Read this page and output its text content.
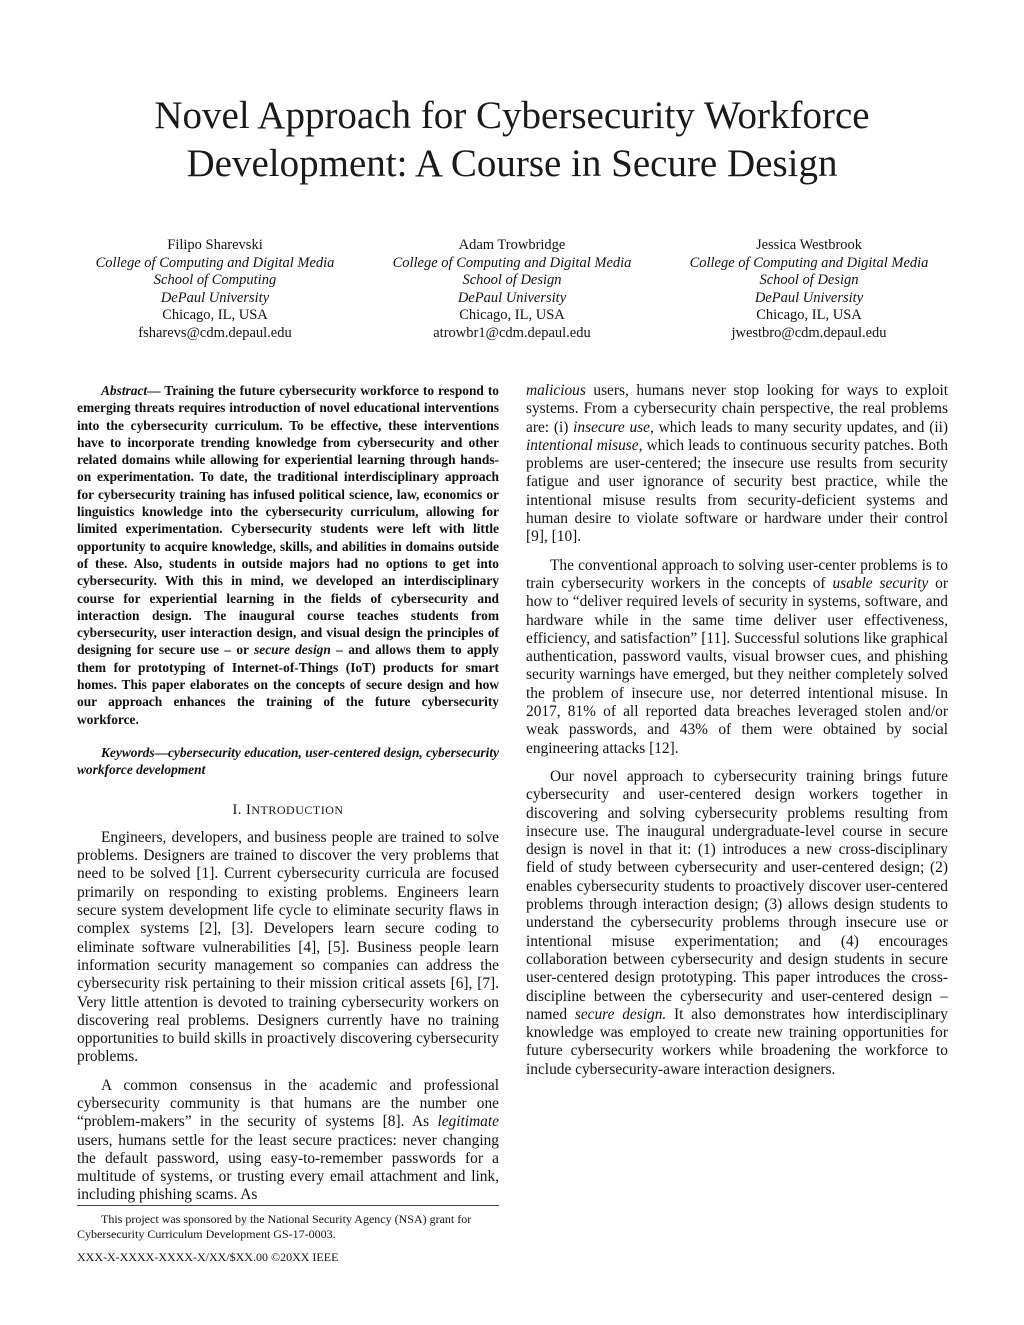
Novel Approach for Cybersecurity Workforce
Development: A Course in Secure Design
Filipo Sharevski
College of Computing and Digital Media
School of Computing
DePaul University
Chicago, IL, USA
fsharevs@cdm.depaul.edu
Adam Trowbridge
College of Computing and Digital Media
School of Design
DePaul University
Chicago, IL, USA
atrowbr1@cdm.depaul.edu
Jessica Westbrook
College of Computing and Digital Media
School of Design
DePaul University
Chicago, IL, USA
jwestbro@cdm.depaul.edu

Abstract— Training the future cybersecurity workforce to respond to emerging threats requires introduction of novel educational interventions into the cybersecurity curriculum. To be effective, these interventions have to incorporate trending knowledge from cybersecurity and other related domains while allowing for experiential learning through hands-on experimentation. To date, the traditional interdisciplinary approach for cybersecurity training has infused political science, law, economics or linguistics knowledge into the cybersecurity curriculum, allowing for limited experimentation. Cybersecurity students were left with little opportunity to acquire knowledge, skills, and abilities in domains outside of these. Also, students in outside majors had no options to get into cybersecurity. With this in mind, we developed an interdisciplinary course for experiential learning in the fields of cybersecurity and interaction design. The inaugural course teaches students from cybersecurity, user interaction design, and visual design the principles of designing for secure use – or secure design – and allows them to apply them for prototyping of Internet-of-Things (IoT) products for smart homes. This paper elaborates on the concepts of secure design and how our approach enhances the training of the future cybersecurity workforce.

Keywords—cybersecurity education, user-centered design, cybersecurity workforce development

I. INTRODUCTION

Engineers, developers, and business people are trained to solve problems. Designers are trained to discover the very problems that need to be solved [1]. Current cybersecurity curricula are focused primarily on responding to existing problems. Engineers learn secure system development life cycle to eliminate security flaws in complex systems [2], [3]. Developers learn secure coding to eliminate software vulnerabilities [4], [5]. Business people learn information security management so companies can address the cybersecurity risk pertaining to their mission critical assets [6], [7]. Very little attention is devoted to training cybersecurity workers on discovering real problems. Designers currently have no training opportunities to build skills in proactively discovering cybersecurity problems.

A common consensus in the academic and professional cybersecurity community is that humans are the number one “problem-makers” in the security of systems [8]. As legitimate users, humans settle for the least secure practices: never changing the default password, using easy-to-remember passwords for a multitude of systems, or trusting every email attachment and link, including phishing scams. As

malicious users, humans never stop looking for ways to exploit systems. From a cybersecurity chain perspective, the real problems are: (i) insecure use, which leads to many security updates, and (ii) intentional misuse, which leads to continuous security patches. Both problems are user-centered; the insecure use results from security fatigue and user ignorance of security best practice, while the intentional misuse results from security-deficient systems and human desire to violate software or hardware under their control [9], [10].

The conventional approach to solving user-center problems is to train cybersecurity workers in the concepts of usable security or how to “deliver required levels of security in systems, software, and hardware while in the same time deliver user effectiveness, efficiency, and satisfaction” [11]. Successful solutions like graphical authentication, password vaults, visual browser cues, and phishing security warnings have emerged, but they neither completely solved the problem of insecure use, nor deterred intentional misuse. In 2017, 81% of all reported data breaches leveraged stolen and/or weak passwords, and 43% of them were obtained by social engineering attacks [12].

Our novel approach to cybersecurity training brings future cybersecurity and user-centered design workers together in discovering and solving cybersecurity problems resulting from insecure use. The inaugural undergraduate-level course in secure design is novel in that it: (1) introduces a new cross-disciplinary field of study between cybersecurity and user-centered design; (2) enables cybersecurity students to proactively discover user-centered problems through interaction design; (3) allows design students to understand the cybersecurity problems through insecure use or intentional misuse experimentation; and (4) encourages collaboration between cybersecurity and design students in secure user-centered design prototyping. This paper introduces the cross-discipline between the cybersecurity and user-centered design – named secure design. It also demonstrates how interdisciplinary knowledge was employed to create new training opportunities for future cybersecurity workers while broadening the workforce to include cybersecurity-aware interaction designers.

This project was sponsored by the National Security Agency (NSA) grant for Cybersecurity Curriculum Development GS-17-0003.

XXX-X-XXXX-XXXX-X/XX/$XX.00 ©20XX IEEE
